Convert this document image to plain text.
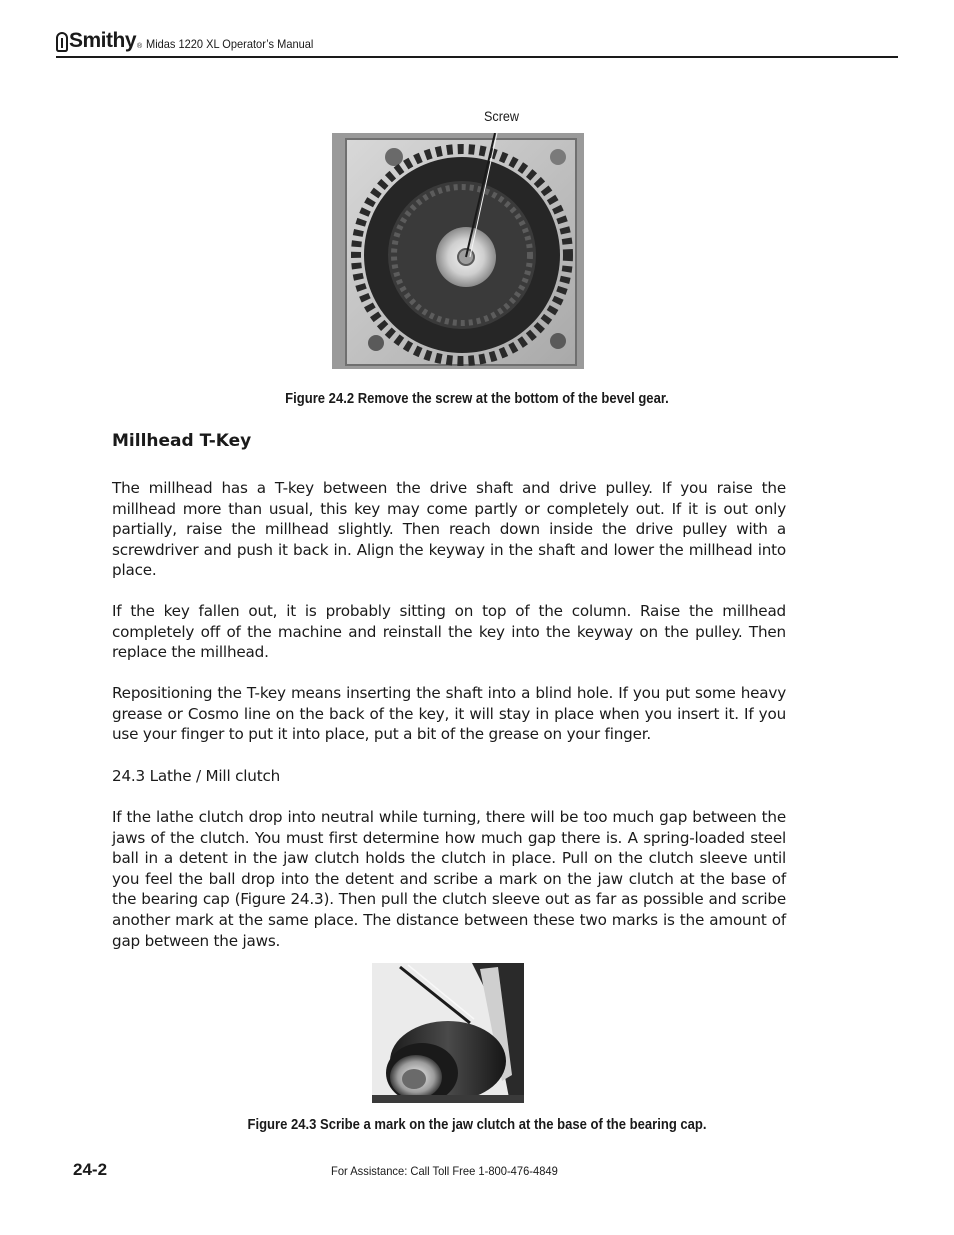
Smithy ® Midas 1220 XL Operator’s Manual
Screw
Figure 24.2 Remove the screw at the bottom of the bevel gear.
Millhead T-Key
The millhead has a T-key between the drive shaft and drive pulley. If you raise the millhead more than usual, this key may come partly or completely out. If it is out only partially, raise the millhead slightly. Then reach down inside the drive pulley with a screwdriver and push it back in. Align the keyway in the shaft and lower the millhead into place.
If the key fallen out, it is probably sitting on top of the column. Raise the millhead completely off of the machine and reinstall the key into the keyway on the pulley. Then replace the millhead.
Repositioning the T-key means inserting the shaft into a blind hole. If you put some heavy grease or Cosmo line on the back of the key, it will stay in place when you insert it. If you use your finger to put it into place, put a bit of the grease on your finger.
24.3 Lathe / Mill clutch
If the lathe clutch drop into neutral while turning, there will be too much gap between the jaws of the clutch. You must first determine how much gap there is. A spring-loaded steel ball in a detent in the jaw clutch holds the clutch in place. Pull on the clutch sleeve until you feel the ball drop into the detent and scribe a mark on the jaw clutch at the base of the bearing cap (Figure 24.3). Then pull the clutch sleeve out as far as possible and scribe another mark at the same place. The distance between these two marks is the amount of gap between the jaws.
Figure 24.3 Scribe a mark on the jaw clutch at the base of the bearing cap.
24-2	For Assistance: Call Toll Free 1-800-476-4849
